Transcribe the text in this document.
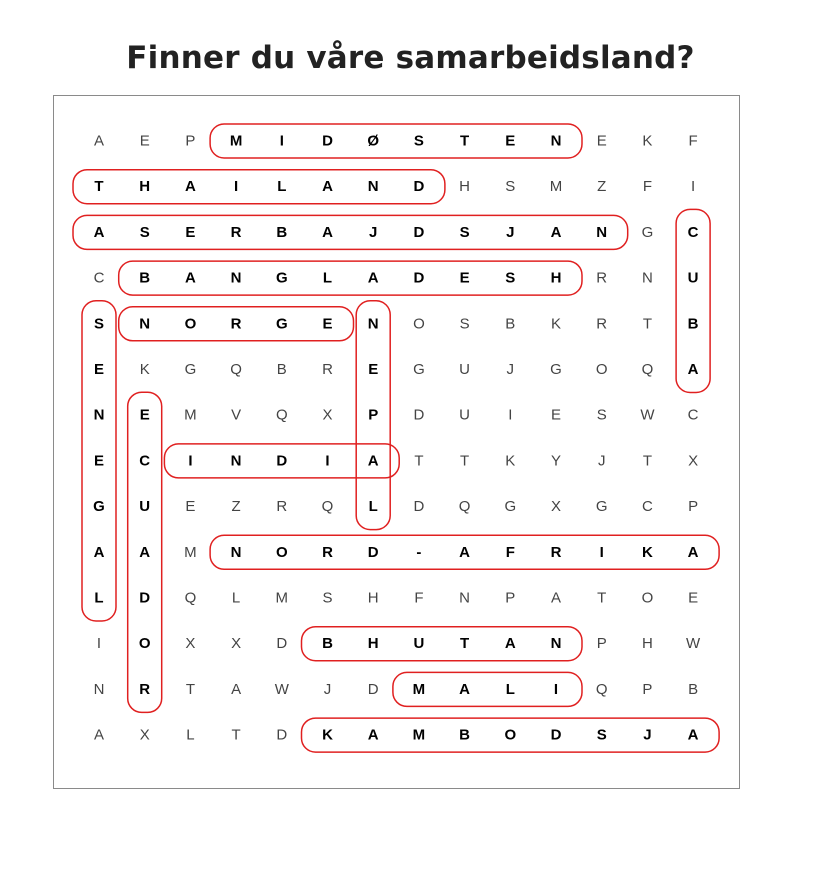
Finner du våre samarbeidsland?
A E P M I	D Ø S T E N E K F
T H A	I	L A N D H S M Z F	I
A S E R B A J D S J A N G C
C B A N G L A D E S H R N U
S N O R G E N O S B K R T B
E K G Q B R E G U J G O Q A
N E M V Q X P D U	I	E S W C
E C	I	N D	I	A T T K Y J T X
G U E Z R Q L D Q G X G C P
A A M N O R D	-	A F R	I	K A
L D Q L M S H F N P A T O E
I	O X X D B H U T A N P H W
N R T A W J D M A L	I	Q P B
A X L T D K A M B O D S J A
